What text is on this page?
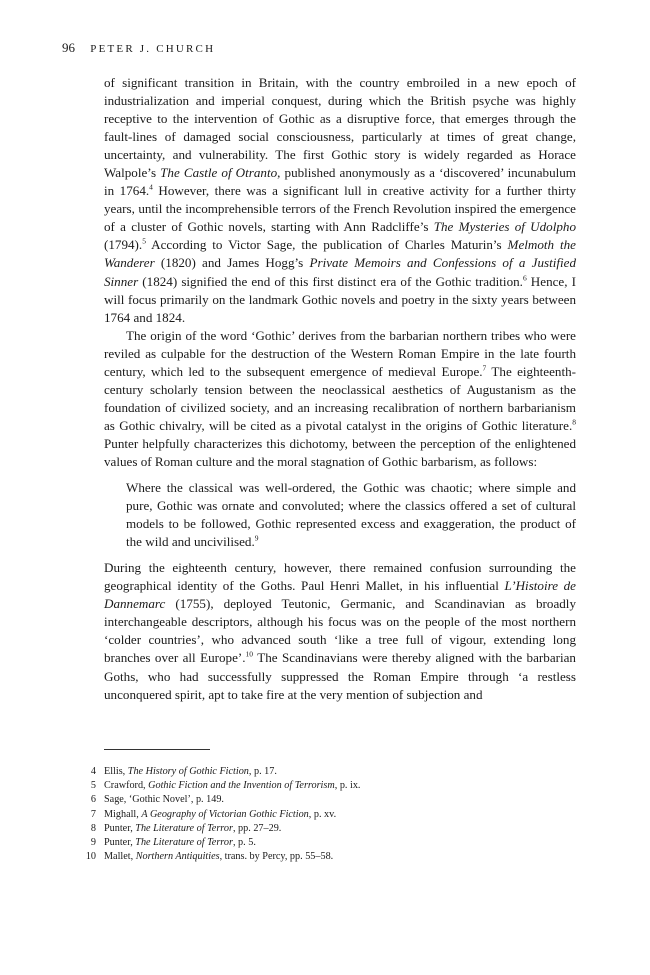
96 PETER J. CHURCH

of significant transition in Britain, with the country embroiled in a new epoch of industrialization and imperial conquest, during which the British psyche was highly receptive to the intervention of Gothic as a disruptive force, that emerges through the fault-lines of damaged social consciousness, particularly at times of great change, uncertainty, and vulnerability. The first Gothic story is widely regarded as Horace Walpole’s The Castle of Otranto, published anonymously as a ‘discovered’ incunabulum in 1764.$^4$ However, there was a significant lull in creative activity for a further thirty years, until the incomprehensible terrors of the French Revolution inspired the emergence of a cluster of Gothic novels, starting with Ann Radcliffe’s The Mysteries of Udolpho (1794).$^5$ According to Victor Sage, the publication of Charles Maturin’s Melmoth the Wanderer (1820) and James Hogg’s Private Memoirs and Confessions of a Justified Sinner (1824) signified the end of this first distinct era of the Gothic tradition.$^6$ Hence, I will focus primarily on the landmark Gothic novels and poetry in the sixty years between 1764 and 1824.

The origin of the word ‘Gothic’ derives from the barbarian northern tribes who were reviled as culpable for the destruction of the Western Roman Empire in the late fourth century, which led to the subsequent emergence of medieval Europe.$^7$ The eighteenth-century scholarly tension between the neoclassical aesthetics of Augustanism as the foundation of civilized society, and an increasing recalibration of northern barbarianism as Gothic chivalry, will be cited as a pivotal catalyst in the origins of Gothic literature.$^8$ Punter helpfully characterizes this dichotomy, between the perception of the enlightened values of Roman culture and the moral stagnation of Gothic barbarism, as follows:

Where the classical was well-ordered, the Gothic was chaotic; where simple and pure, Gothic was ornate and convoluted; where the classics offered a set of cultural models to be followed, Gothic represented excess and exaggeration, the product of the wild and uncivilised.$^9$

During the eighteenth century, however, there remained confusion surrounding the geographical identity of the Goths. Paul Henri Mallet, in his influential L’Histoire de Dannemarc (1755), deployed Teutonic, Germanic, and Scandinavian as broadly interchangeable descriptors, although his focus was on the people of the most northern ‘colder countries’, who advanced south ‘like a tree full of vigour, extending long branches over all Europe’.$^{10}$ The Scandinavians were thereby aligned with the barbarian Goths, who had successfully suppressed the Roman Empire through ‘a restless unconquered spirit, apt to take fire at the very mention of subjection and

4 Ellis, The History of Gothic Fiction, p. 17.
5 Crawford, Gothic Fiction and the Invention of Terrorism, p. ix.
6 Sage, ‘Gothic Novel’, p. 149.
7 Mighall, A Geography of Victorian Gothic Fiction, p. xv.
8 Punter, The Literature of Terror, pp. 27–29.
9 Punter, The Literature of Terror, p. 5.
10 Mallet, Northern Antiquities, trans. by Percy, pp. 55–58.
